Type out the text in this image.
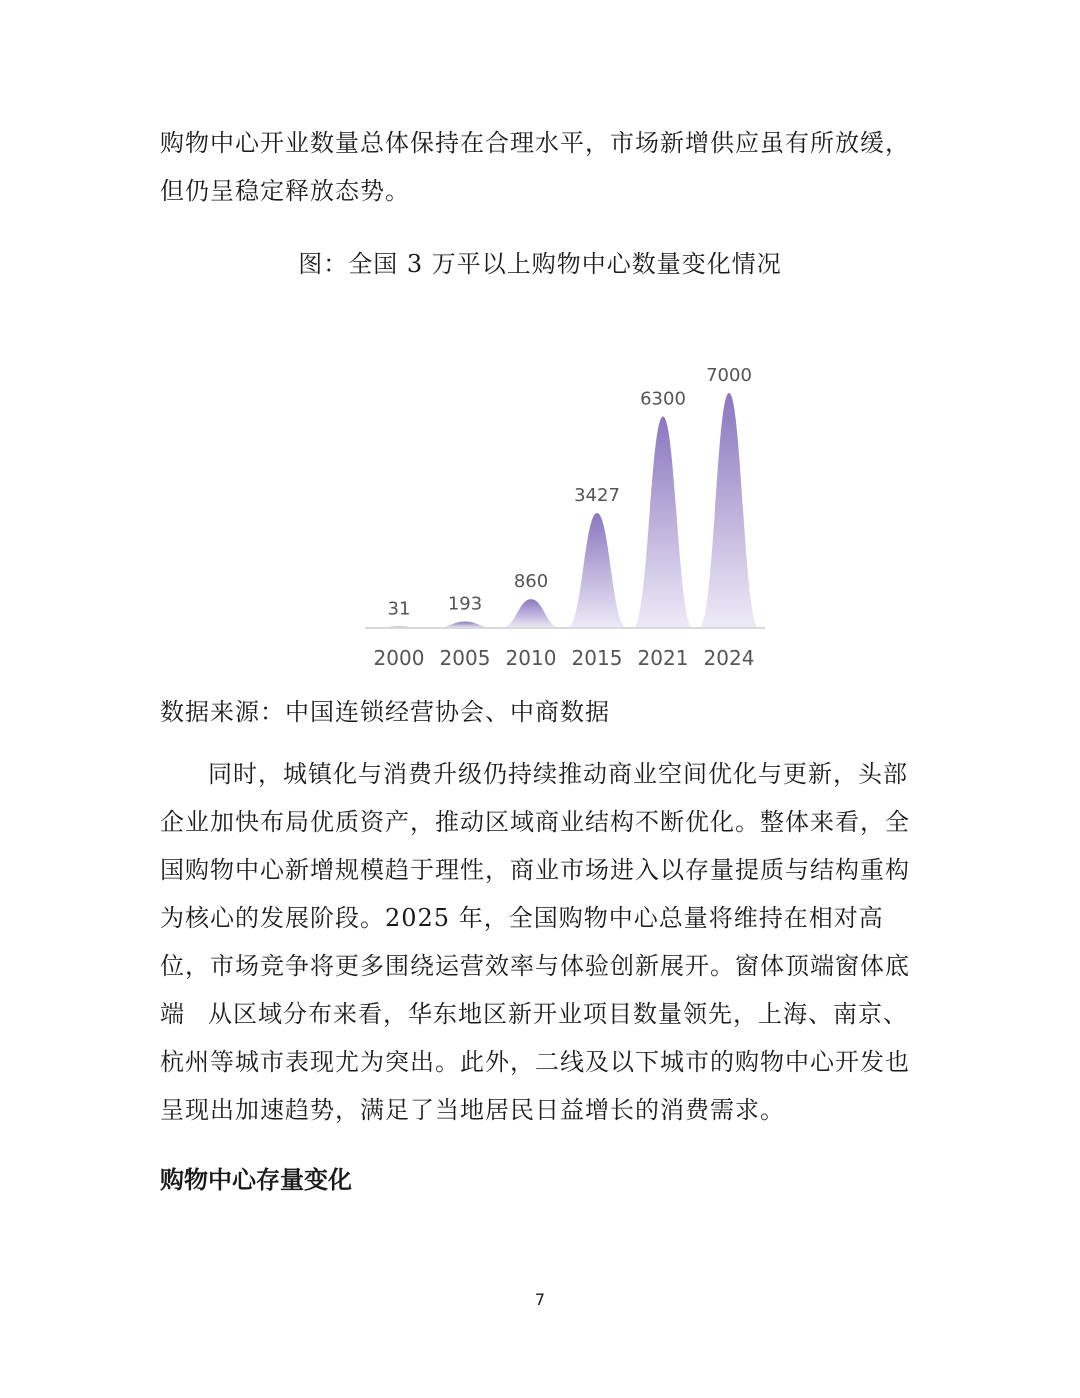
购物中心开业数量总体保持在合理水平，市场新增供应虽有所放缓，但仍呈稳定释放态势。

图：全国 3 万平以上购物中心数量变化情况
31 193
860
3427
6300
7000
2000 2005 2010 2015 2021 2024

数据来源：中国连锁经营协会、中商数据

同时，城镇化与消费升级仍持续推动商业空间优化与更新，头部企业加快布局优质资产，推动区域商业结构不断优化。整体来看，全国购物中心新增规模趋于理性，商业市场进入以存量提质与结构重构为核心的发展阶段。2025 年，全国购物中心总量将维持在相对高位，市场竞争将更多围绕运营效率与体验创新展开。窗体顶端窗体底端 从区域分布来看，华东地区新开业项目数量领先，上海、南京、杭州等城市表现尤为突出。此外，二线及以下城市的购物中心开发也呈现出加速趋势，满足了当地居民日益增长的消费需求。

购物中心存量变化
7
